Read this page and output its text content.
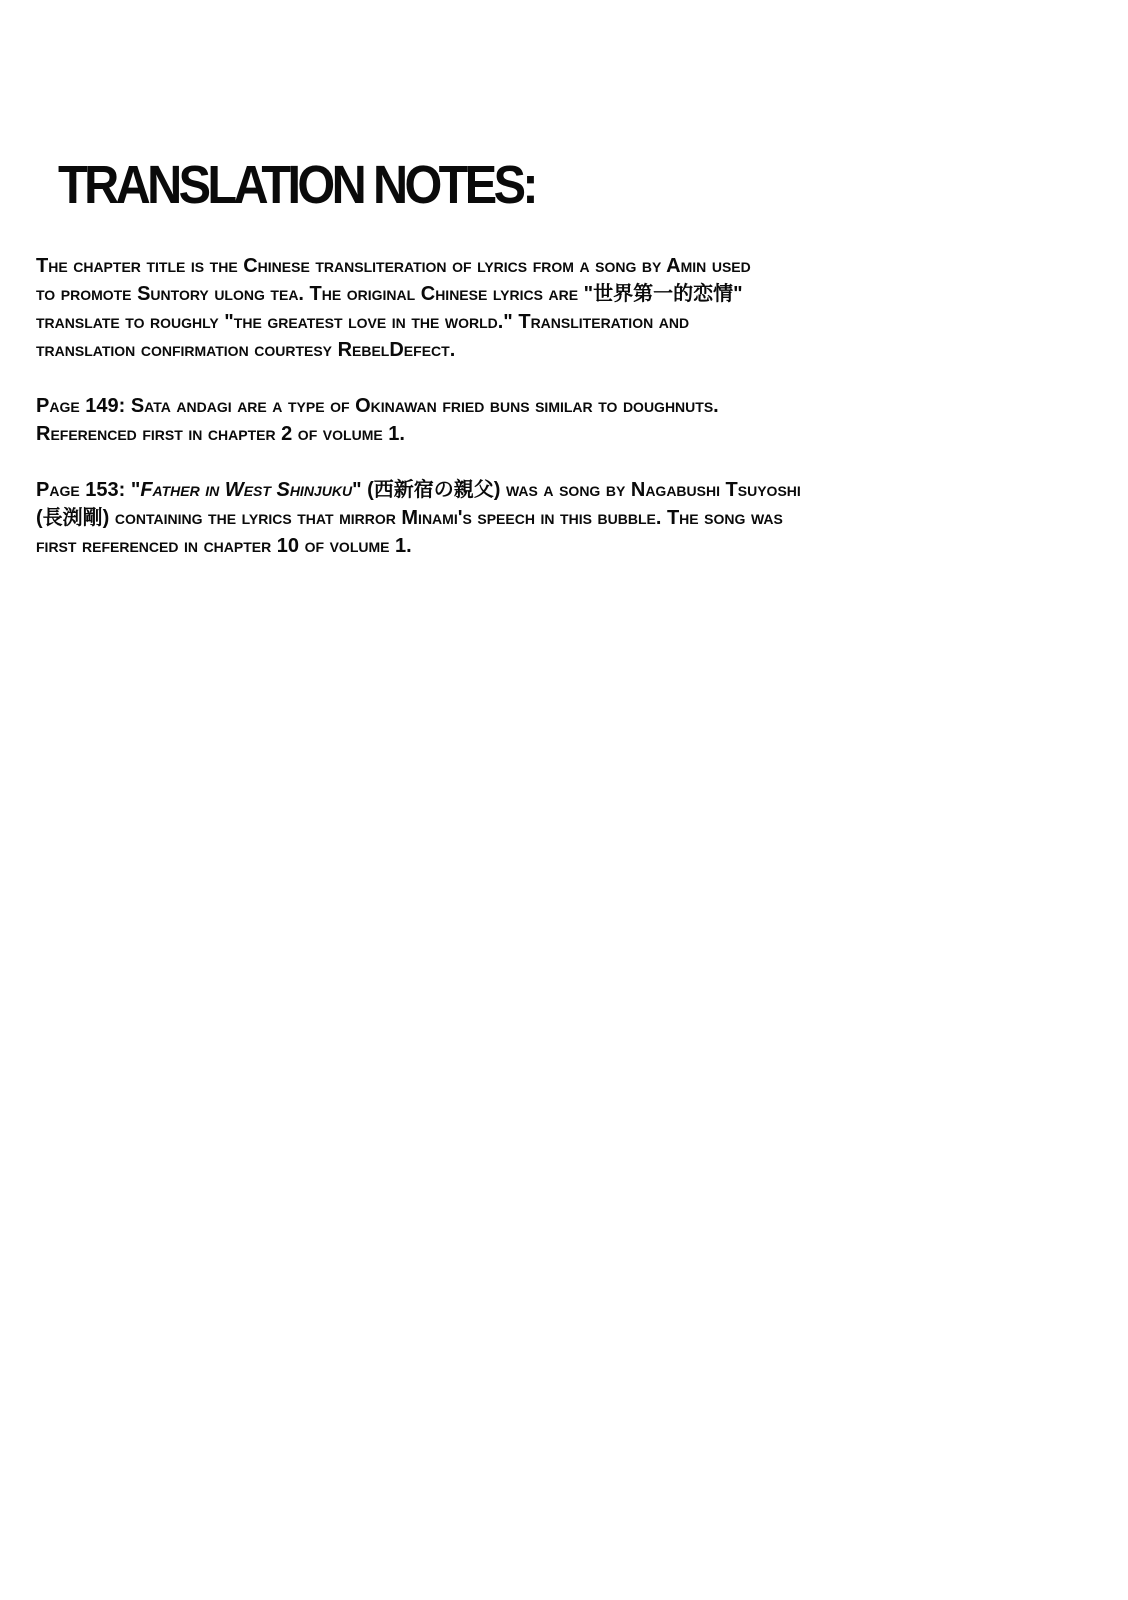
TRANSLATION NOTES:

The chapter title is the Chinese transliteration of lyrics from a song by Amin used
to promote Suntory ulong tea. The original Chinese lyrics are "世界第一的恋情"
translate to roughly "the greatest love in the world." Transliteration and
translation confirmation courtesy RebelDefect.

Page 149: Sata andagi are a type of Okinawan fried buns similar to doughnuts.
Referenced first in chapter 2 of volume 1.

Page 153: "Father in West Shinjuku" (西新宿の親父) was a song by Nagabushi Tsuyoshi
(長渕剛) containing the lyrics that mirror Minami's speech in this bubble. The song was
first referenced in chapter 10 of volume 1.
